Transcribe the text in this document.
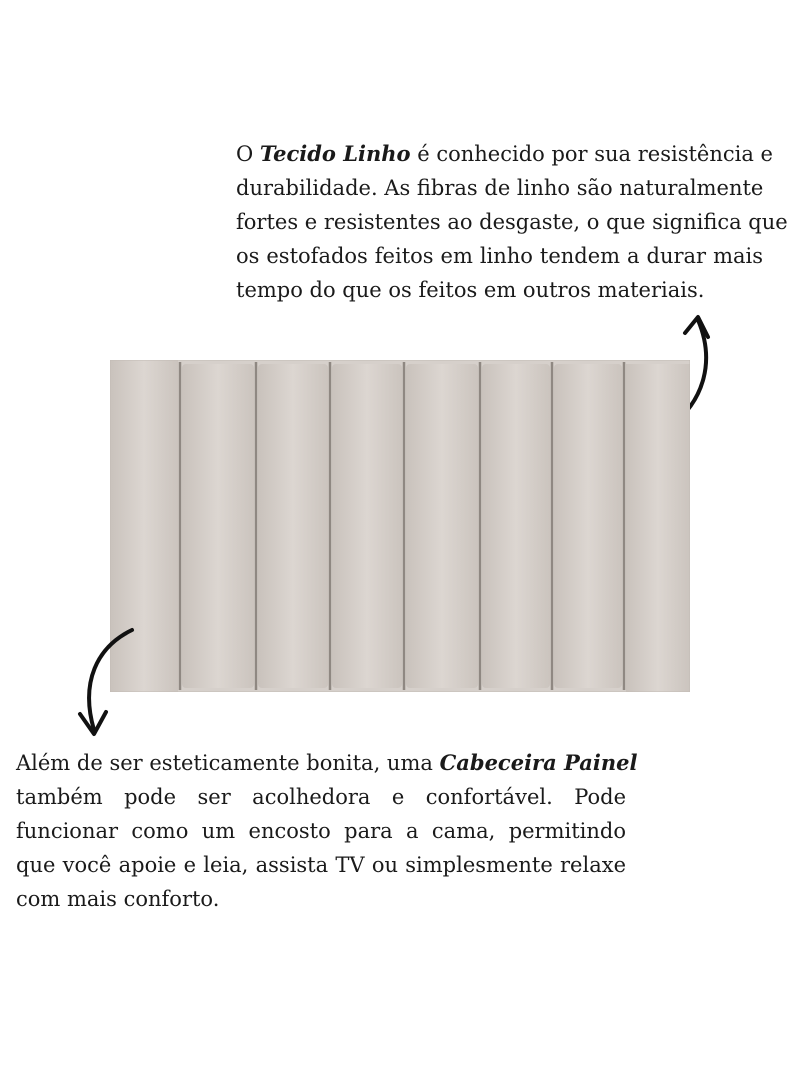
O Tecido Linho é conhecido por sua resistência e
durabilidade. As fibras de linho são naturalmente
fortes e resistentes ao desgaste, o que significa que
os estofados feitos em linho tendem a durar mais
tempo do que os feitos em outros materiais.
Além de ser esteticamente bonita, uma Cabeceira Painel
também pode ser acolhedora e confortável. Pode
funcionar como um encosto para a cama, permitindo
que você apoie e leia, assista TV ou simplesmente relaxe
com mais conforto.
